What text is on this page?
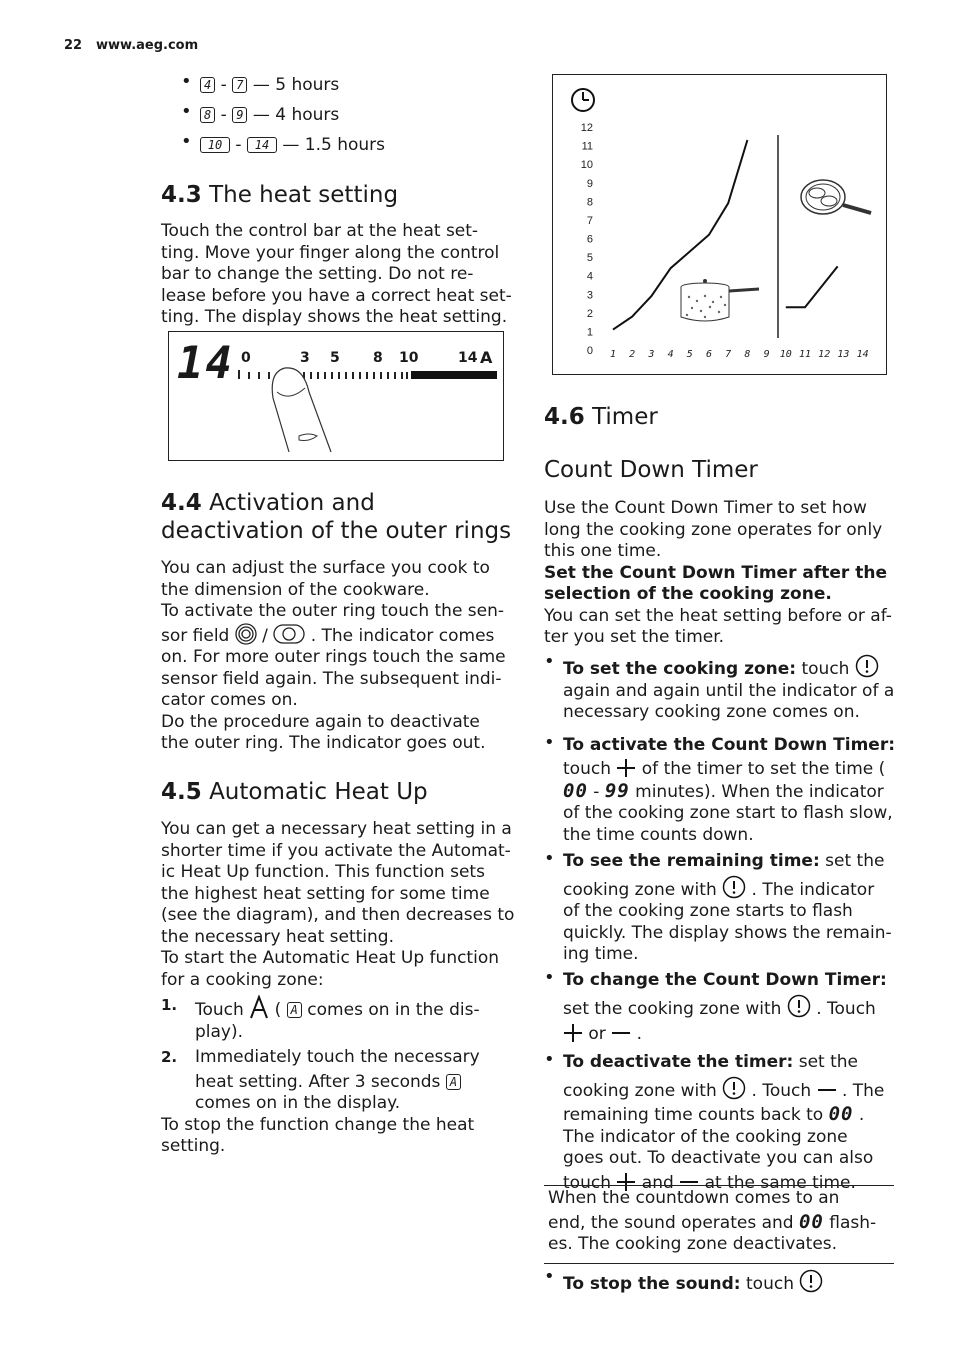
22 www.aeg.com
•	4 - 7 — 5 hours
•	8 - 9 — 4 hours
•	10 - 14 — 1.5 hours
4.3 The heat setting
Touch the control bar at the heat set-
ting. Move your finger along the control
bar to change the setting. Do not re-
lease before you have a correct heat set-
ting. The display shows the heat setting.
14 0	3 5 8 10	14 A
4.4 Activation and
deactivation of the outer rings
You can adjust the surface you cook to
the dimension of the cookware.
To activate the outer ring touch the sen-
sor field /	. The indicator comes
on. For more outer rings touch the same
sensor field again. The subsequent indi-
cator comes on.
Do the procedure again to deactivate
the outer ring. The indicator goes out.
4.5 Automatic Heat Up
You can get a necessary heat setting in a
shorter time if you activate the Automat-
ic Heat Up function. This function sets
the highest heat setting for some time
(see the diagram), and then decreases to
the necessary heat setting.
To start the Automatic Heat Up function
for a cooking zone:
1. Touch ( A comes on in the dis-
play).
2. Immediately touch the necessary
heat setting. After 3 seconds A
comes on in the display.
To stop the function change the heat
setting.
0
1
2
3
4
5
6
7
8
9
10
11
12
1 2 3 4 5 6 7 8 9 10 11 12 13 14
4.6 Timer
Count Down Timer
Use the Count Down Timer to set how
long the cooking zone operates for only
this one time.
Set the Count Down Timer after the
selection of the cooking zone.
You can set the heat setting before or af-
ter you set the timer.
• To set the cooking zone: touch
again and again until the indicator of a
necessary cooking zone comes on.
• To activate the Count Down Timer:
touch of the timer to set the time (
00 - 99 minutes). When the indicator
of the cooking zone start to flash slow,
the time counts down.
• To see the remaining time: set the
cooking zone with . The indicator
of the cooking zone starts to flash
quickly. The display shows the remain-
ing time.
• To change the Count Down Timer:
set the cooking zone with . Touch
or .
• To deactivate the timer: set the
cooking zone with . Touch . The
remaining time counts back to 00 .
The indicator of the cooking zone
goes out. To deactivate you can also
touch and at the same time.
When the countdown comes to an
end, the sound operates and 00 flash-
es. The cooking zone deactivates.
• To stop the sound: touch
